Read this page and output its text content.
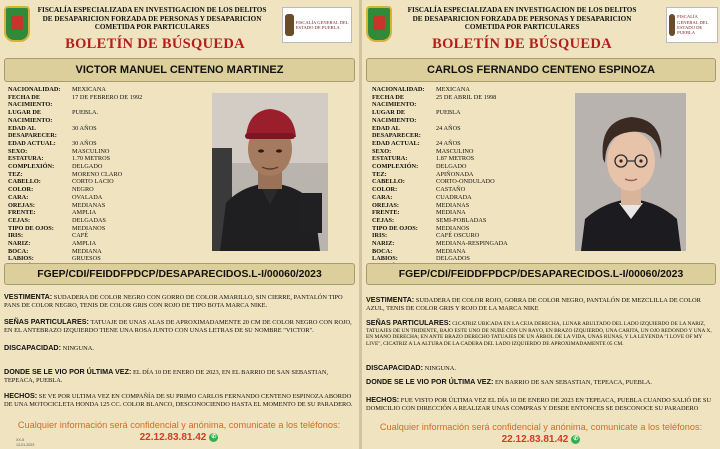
FISCALÍA ESPECIALIZADA EN INVESTIGACION DE LOS DELITOS
DE DESAPARICION FORZADA DE PERSONAS Y DESAPARICION
COMETIDA POR PARTICULARES
FISCALÍA GENERAL DEL ESTADO DE PUEBLA
BOLETÍN DE BÚSQUEDA
VICTOR MANUEL CENTENO MARTINEZ
NACIONALIDAD:	MEXICANA
FECHA DE NACIMIENTO:
17 DE FEBRERO DE 1992
LUGAR DE NACIMIENTO:
PUEBLA.
EDAD AL DESAPARECER:
30 AÑOS
EDAD ACTUAL:	30 AÑOS
SEXO:	MASCULINO
ESTATURA:	1.70 METROS
COMPLEXIÓN:	DELGADO
TEZ:	MORENO CLARO
CABELLO:	CORTO LACIO
COLOR:	NEGRO
CARA:	OVALADA
OREJAS:	MEDIANAS
FRENTE:	AMPLIA
CEJAS:	DELGADAS
TIPO DE OJOS:	MEDIANOS
IRIS:	CAFÉ
NARIZ:	AMPLIA
BOCA:	MEDIANA
LABIOS:	GRUESOS
FGEP/CDI/FEIDDFPDCP/DESAPARECIDOS.L-I/00060/2023
VESTIMENTA: SUDADERA DE COLOR NEGRO CON GORRO DE COLOR AMARILLO, SIN CIERRE, PANTALÓN TIPO PANS DE COLOR NEGRO, TENIS DE COLOR GRIS CON ROJO DE TIPO BOTA MARCA NIKE.
SEÑAS PARTICULARES: TATUAJE DE UNAS ALAS DE APROXIMADAMENTE 20 CM DE COLOR NEGRO CON ROJO, EN EL ANTEBRAZO IZQUIERDO TIENE UNA ROSA JUNTO CON UNAS LETRAS DE SU NOMBRE "VICTOR".
DISCAPACIDAD: NINGUNA.
DONDE SE LE VIO POR ÚLTIMA VEZ: EL DÍA 10 DE ENERO DE 2023, EN EL BARRIO DE SAN SEBASTIAN, TEPEACA, PUEBLA.
HECHOS: SE VE POR ULTIMA VEZ EN COMPAÑÍA DE SU PRIMO CARLOS FERNANDO CENTENO ESPINOZA ABORDO DE UNA MOTOCICLETA HONDA 125 CC. COLOR BLANCO, DESCONOCIENDO HASTA EL MOMENTO DE SU PARADERO.
Cualquier información será confidencial y anónima, comunicate a los teléfonos:
22.12.83.81.42 ✆
XX-5
13-01-2023
FISCALÍA ESPECIALIZADA EN INVESTIGACION DE LOS DELITOS
DE DESAPARICION FORZADA DE PERSONAS Y DESAPARICION
COMETIDA POR PARTICULARES
FISCALÍA GENERAL DEL ESTADO DE PUEBLA
BOLETÍN DE BÚSQUEDA
CARLOS FERNANDO CENTENO ESPINOZA
NACIONALIDAD:	MEXICANA
FECHA DE NACIMIENTO:
25 DE ABRIL DE 1998
LUGAR DE NACIMIENTO:
PUEBLA
EDAD AL DESAPARECER:
24 AÑOS
EDAD ACTUAL:	24 AÑOS
SEXO:	MASCULINO
ESTATURA:	1.87 METROS
COMPLEXIÓN:	DELGADO
TEZ:	APIÑONADA
CABELLO:	CORTO-ONDULADO
COLOR:	CASTAÑO
CARA:	CUADRADA
OREJAS:	MEDIANAS
FRENTE:	MEDIANA
CEJAS:	SEMI-POBLADAS
TIPO DE OJOS:	MEDIANOS
IRIS:	CAFÉ OSCURO
NARIZ:	MEDIANA-RESPINGADA
BOCA:	MEDIANA
LABIOS:	DELGADOS
FGEP/CDI/FEIDDFPDCP/DESAPARECIDOS.L-I/00060/2023
VESTIMENTA: SUDADERA DE COLOR ROJO, GORRA DE COLOR NEGRO, PANTALÓN DE MEZCLILLA DE COLOR AZUL, TENIS DE COLOR GRIS Y ROJO DE LA MARCA NIKE
SEÑAS PARTICULARES: CICATRIZ UBICADA EN LA CEJA DERECHA, LUNAR ABULTADO DEL LADO IZQUIERDO DE LA NARIZ, TATUAJES DE UN TRIDENTE, BAJO ESTE UNO DE NUBE CON UN RAYO, EN BRAZO IZQUIERDO, UNA CARITA, UN OJO REDONDO Y UNA X, EN MANO DERECHA; EN ANTE BRAZO DERECHO TATUAJES DE UN ÁRBOL DE LA VIDA, UNAS RUNAS, Y LA LEYENDA "I LOVE OF MY LIVE", CICATRIZ A LA ALTURA DE LA CADERA DEL LADO IZQUIERDO DE APROXIMADAMENTE 05 CM.
DISCAPACIDAD: NINGUNA.
DONDE SE LE VIO POR ÚLTIMA VEZ: EN BARRIO DE SAN SEBASTIAN, TEPEACA, PUEBLA.
HECHOS: FUE VISTO POR ÚLTIMA VEZ EL DÍA 10 DE ENERO DE 2023 EN TEPEACA, PUEBLA CUANDO SALIÓ DE SU DOMICILIO CON DIRECCIÓN A REALIZAR UNAS COMPRAS Y DESDE ENTONCES SE DESCONOCE SU PARADERO
Cualquier información será confidencial y anónima, comunicate a los teléfonos:
22.12.83.81.42 ✆
